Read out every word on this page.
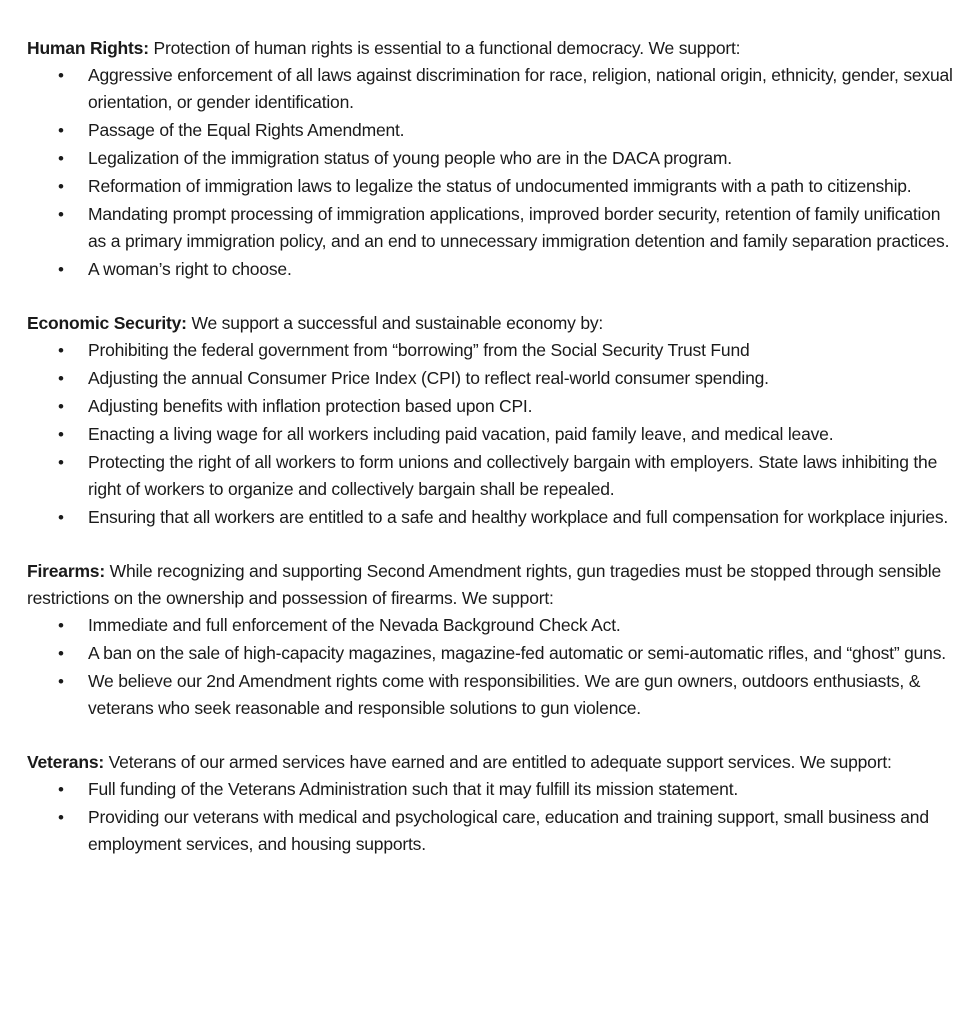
Human Rights: Protection of human rights is essential to a functional democracy. We support:

• Aggressive enforcement of all laws against discrimination for race, religion, national origin, ethnicity, gender, sexual orientation, or gender identification.
• Passage of the Equal Rights Amendment.
• Legalization of the immigration status of young people who are in the DACA program.
• Reformation of immigration laws to legalize the status of undocumented immigrants with a path to citizenship.
• Mandating prompt processing of immigration applications, improved border security, retention of family unification as a primary immigration policy, and an end to unnecessary immigration detention and family separation practices.
• A woman’s right to choose.

Economic Security: We support a successful and sustainable economy by:

• Prohibiting the federal government from “borrowing” from the Social Security Trust Fund
• Adjusting the annual Consumer Price Index (CPI) to reflect real-world consumer spending.
• Adjusting benefits with inflation protection based upon CPI.
• Enacting a living wage for all workers including paid vacation, paid family leave, and medical leave.
• Protecting the right of all workers to form unions and collectively bargain with employers. State laws inhibiting the right of workers to organize and collectively bargain shall be repealed.
• Ensuring that all workers are entitled to a safe and healthy workplace and full compensation for workplace injuries.

Firearms: While recognizing and supporting Second Amendment rights, gun tragedies must be stopped through sensible restrictions on the ownership and possession of firearms. We support:

• Immediate and full enforcement of the Nevada Background Check Act.
• A ban on the sale of high-capacity magazines, magazine-fed automatic or semi-automatic rifles, and “ghost” guns.
• We believe our 2nd Amendment rights come with responsibilities. We are gun owners, outdoors enthusiasts, & veterans who seek reasonable and responsible solutions to gun violence.

Veterans: Veterans of our armed services have earned and are entitled to adequate support services. We support:

• Full funding of the Veterans Administration such that it may fulfill its mission statement.
• Providing our veterans with medical and psychological care, education and training support, small business and employment services, and housing supports.
